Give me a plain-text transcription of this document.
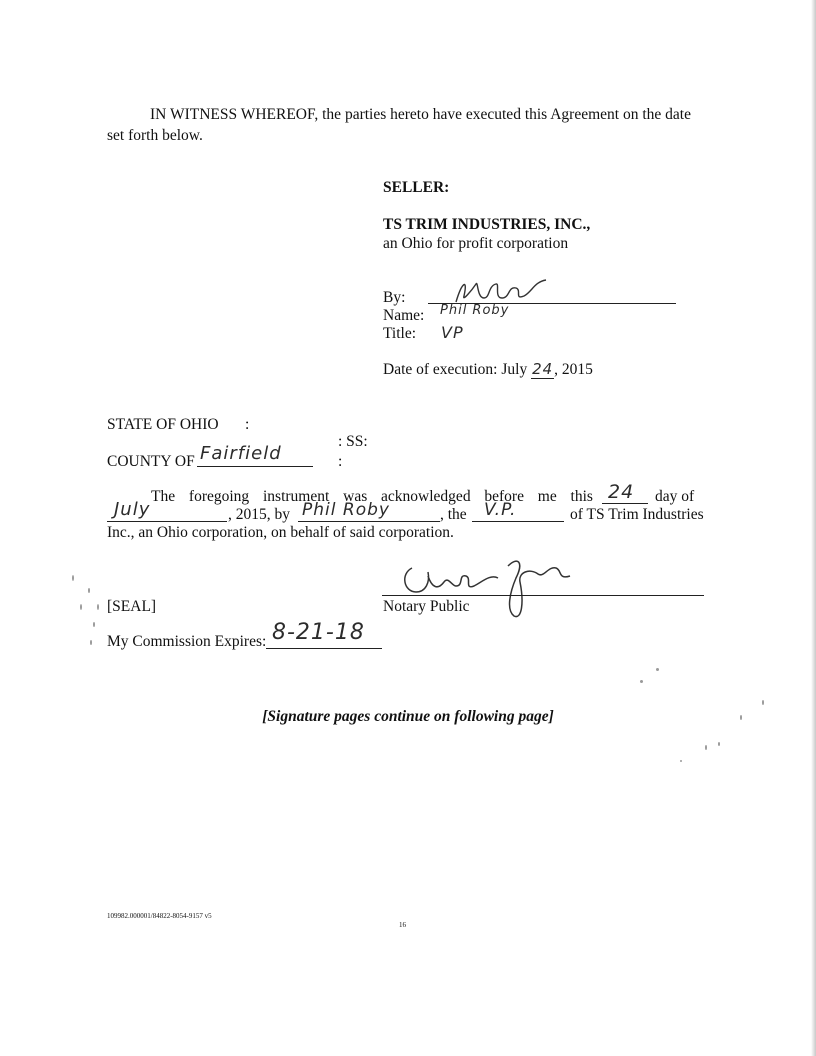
IN WITNESS WHEREOF, the parties hereto have executed this Agreement on the date
set forth below.
SELLER:
TS TRIM INDUSTRIES, INC.,
an Ohio for profit corporation
By:
Name: Phil Roby
Title: VP
Date of execution: July 24, 2015
STATE OF OHIO :
: SS:
COUNTY OF Fairfield	:
The foregoing instrument was acknowledged before me this 24 day of
July	, 2015, by Phil Roby	, the V.P.	of TS Trim Industries
Inc., an Ohio corporation, on behalf of said corporation.
Notary Public
[SEAL]
My Commission Expires: 8-21-18
[Signature pages continue on following page]
109982.000001/84822-8054-9157 v5
16
